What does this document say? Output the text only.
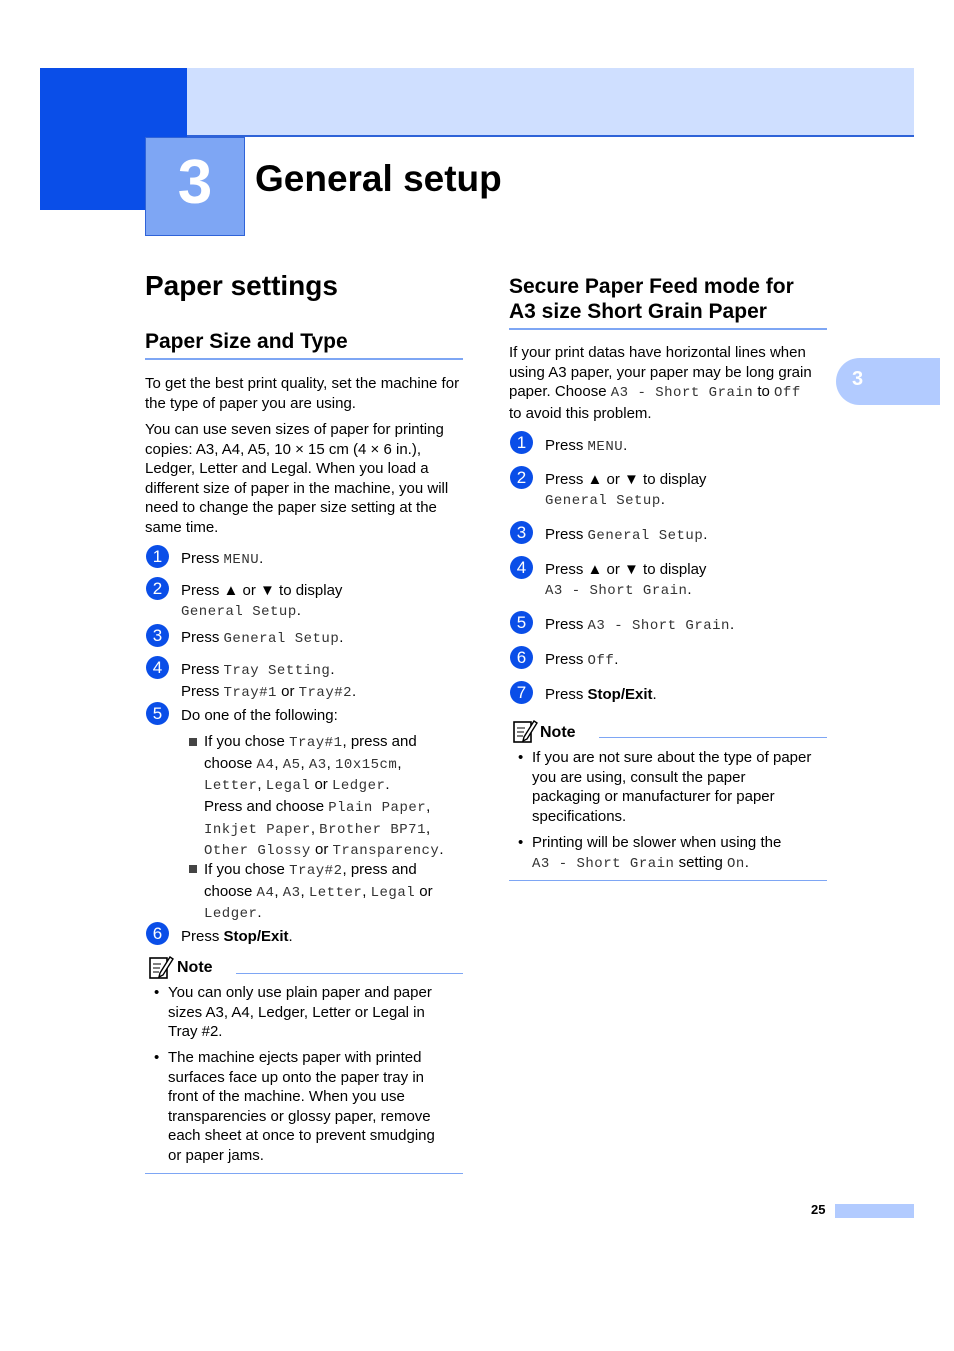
3	General setup
3
Paper settings
Paper Size and Type
To get the best print quality, set the machine for the type of paper you are using.
You can use seven sizes of paper for printing
copies: A3, A4, A5, 10 × 15 cm (4 × 6 in.),
Ledger, Letter and Legal. When you load a
different size of paper in the machine, you will
need to change the paper size setting at the
same time.
1	Press MENU.
2	Press ▲ or ▼ to display
General Setup.
3	Press General Setup.
4	Press Tray Setting.
Press Tray#1 or Tray#2.
5	Do one of the following:
If you chose Tray#1, press and
choose A4, A5, A3, 10x15cm,
Letter, Legal or Ledger.
Press and choose Plain Paper,
Inkjet Paper, Brother BP71,
Other Glossy or Transparency.
If you chose Tray#2, press and
choose A4, A3, Letter, Legal or
Ledger.
6	Press Stop/Exit.
Note
• You can only use plain paper and paper
sizes A3, A4, Ledger, Letter or Legal in
Tray #2.
• The machine ejects paper with printed
surfaces face up onto the paper tray in
front of the machine. When you use
transparencies or glossy paper, remove
each sheet at once to prevent smudging
or paper jams.
Secure Paper Feed mode for
A3 size Short Grain Paper
If your print datas have horizontal lines when
using A3 paper, your paper may be long grain
paper. Choose A3 - Short Grain to Off
to avoid this problem.
1	Press MENU.
2	Press ▲ or ▼ to display
General Setup.
3	Press General Setup.
4	Press ▲ or ▼ to display
A3 - Short Grain.
5	Press A3 - Short Grain.
6	Press Off.
7	Press Stop/Exit.
Note
• If you are not sure about the type of paper
you are using, consult the paper
packaging or manufacturer for paper
specifications.
• Printing will be slower when using the
A3 - Short Grain setting On.
25
